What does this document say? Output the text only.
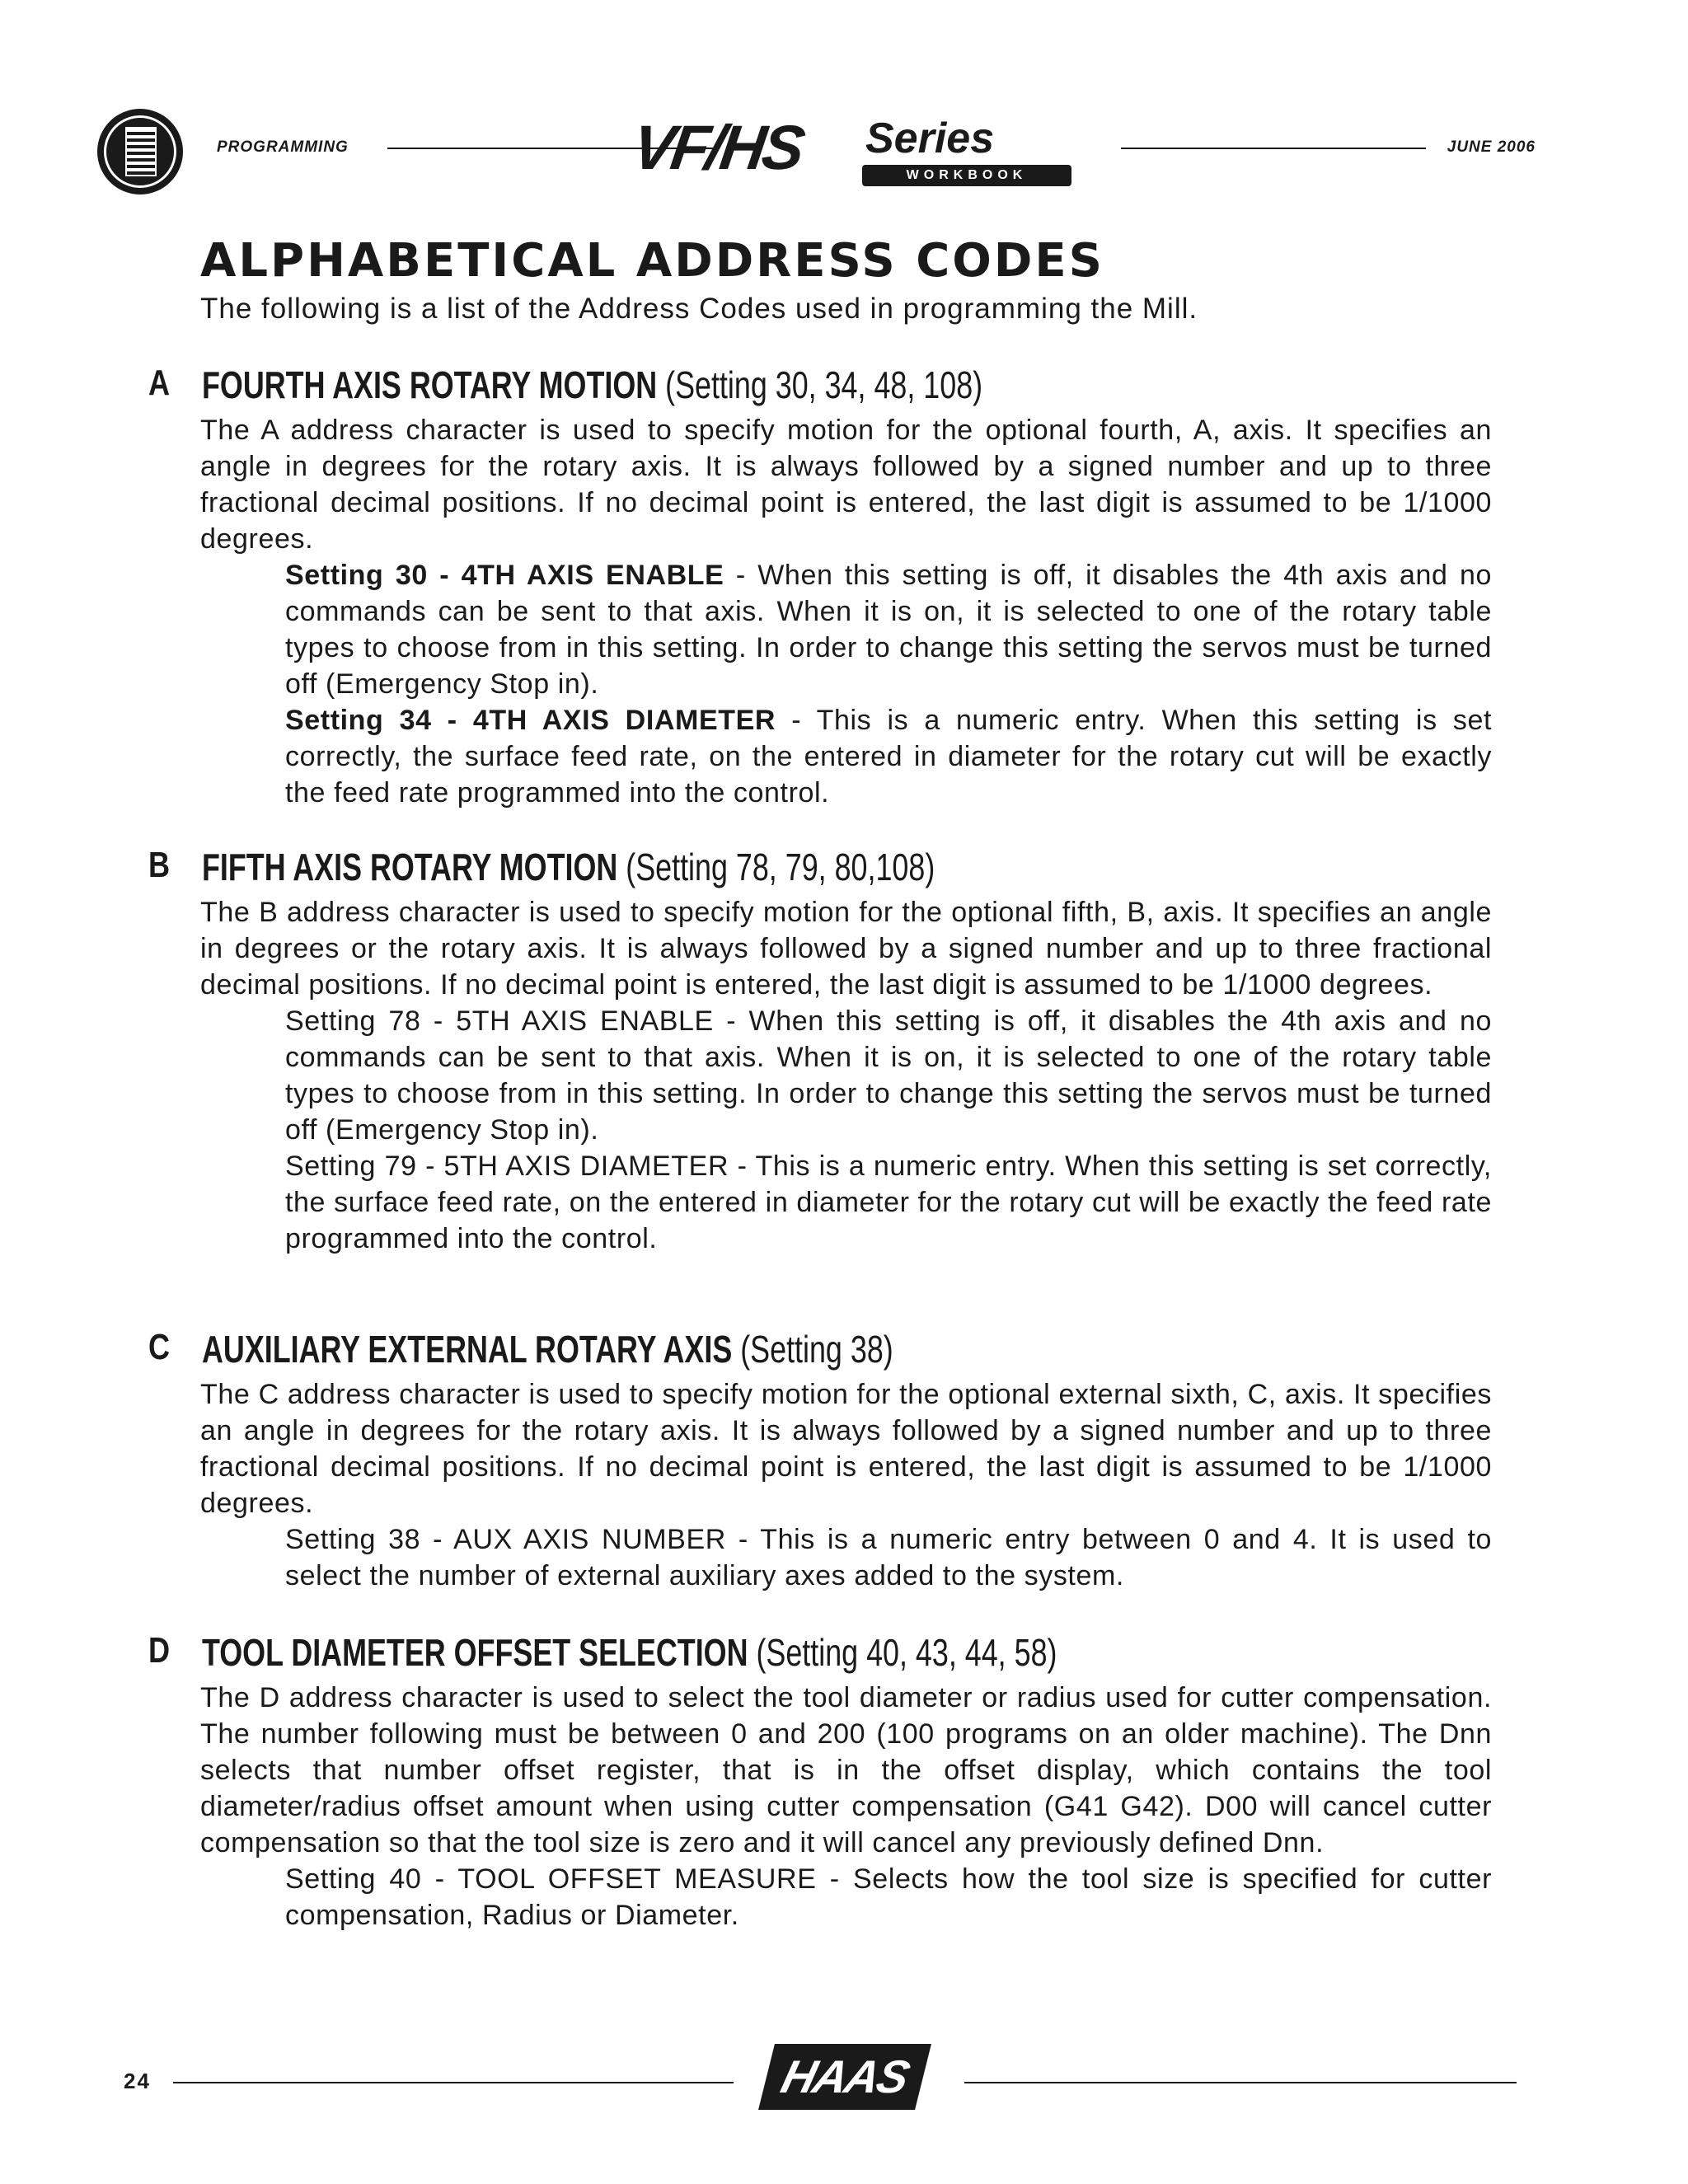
PROGRAMMING	VF/HS Series
WORKBOOK
JUNE 2006
ALPHABETICAL ADDRESS CODES
The following is a list of the Address Codes used in programming the Mill.
A FOURTH AXIS ROTARY MOTION (Setting 30, 34, 48, 108)
The A address character is used to specify motion for the optional fourth, A, axis. It specifies an angle in degrees for the rotary axis. It is always followed by a signed number and up to three fractional decimal positions. If no decimal point is entered, the last digit is assumed to be 1/1000 degrees.
Setting 30 - 4TH AXIS ENABLE - When this setting is off, it disables the 4th axis and no commands can be sent to that axis. When it is on, it is selected to one of the rotary table types to choose from in this setting. In order to change this setting the servos must be turned off (Emergency Stop in).
Setting 34 - 4TH AXIS DIAMETER - This is a numeric entry. When this setting is set correctly, the surface feed rate, on the entered in diameter for the rotary cut will be exactly the feed rate programmed into the control.
B FIFTH AXIS ROTARY MOTION (Setting 78, 79, 80,108)
The B address character is used to specify motion for the optional fifth, B, axis. It specifies an angle in degrees or the rotary axis. It is always followed by a signed number and up to three fractional decimal positions. If no decimal point is entered, the last digit is assumed to be 1/1000 degrees.
Setting 78 - 5TH AXIS ENABLE - When this setting is off, it disables the 4th axis and no commands can be sent to that axis. When it is on, it is selected to one of the rotary table types to choose from in this setting. In order to change this setting the servos must be turned off (Emergency Stop in).
Setting 79 - 5TH AXIS DIAMETER - This is a numeric entry. When this setting is set correctly, the surface feed rate, on the entered in diameter for the rotary cut will be exactly the feed rate programmed into the control.
C AUXILIARY EXTERNAL ROTARY AXIS (Setting 38)
The C address character is used to specify motion for the optional external sixth, C, axis. It specifies an angle in degrees for the rotary axis. It is always followed by a signed number and up to three fractional decimal positions. If no decimal point is entered, the last digit is assumed to be 1/1000 degrees.
Setting 38 - AUX AXIS NUMBER - This is a numeric entry between 0 and 4. It is used to select the number of external auxiliary axes added to the system.
D TOOL DIAMETER OFFSET SELECTION (Setting 40, 43, 44, 58)
The D address character is used to select the tool diameter or radius used for cutter compensation. The number following must be between 0 and 200 (100 programs on an older machine). The Dnn selects that number offset register, that is in the offset display, which contains the tool diameter/radius offset amount when using cutter compensation (G41 G42). D00 will cancel cutter compensation so that the tool size is zero and it will cancel any previously defined Dnn.
Setting 40 - TOOL OFFSET MEASURE - Selects how the tool size is specified for cutter compensation, Radius or Diameter.
24	HAAS
